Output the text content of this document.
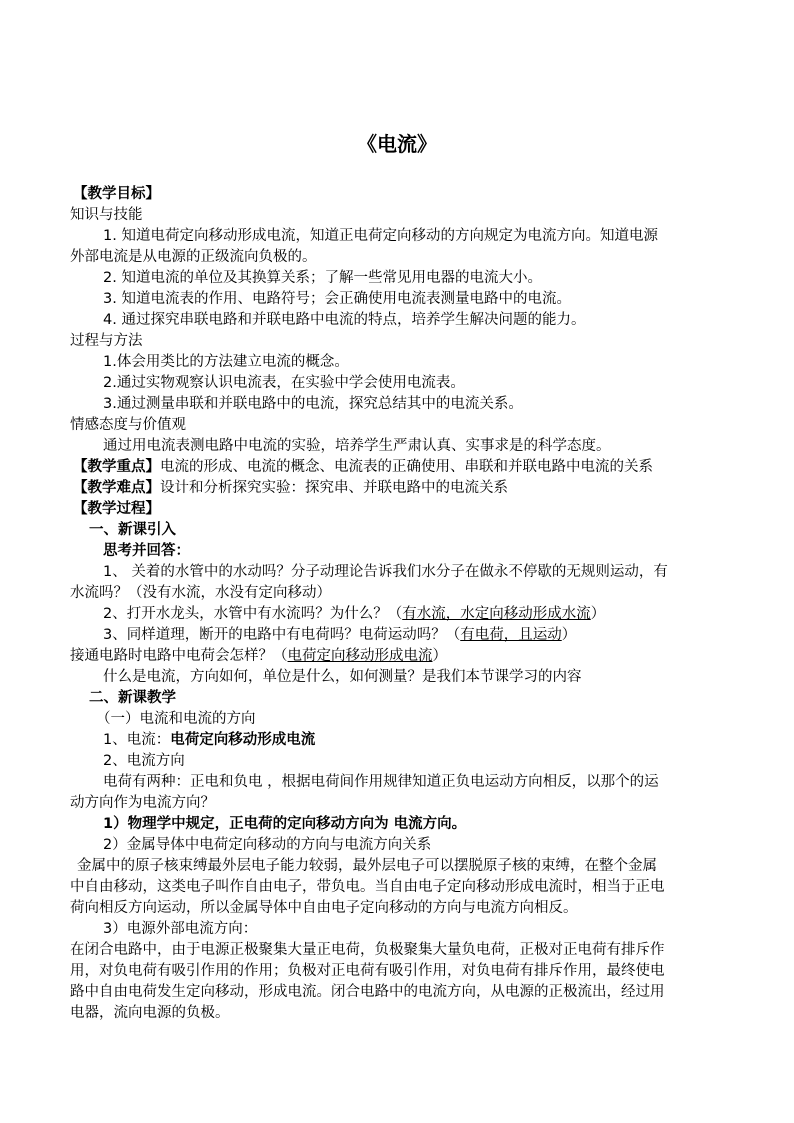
《电流》
【教学目标】
知识与技能
1. 知道电荷定向移动形成电流，知道正电荷定向移动的方向规定为电流方向。知道电源
外部电流是从电源的正级流向负极的。
2. 知道电流的单位及其换算关系；了解一些常见用电器的电流大小。
3. 知道电流表的作用、电路符号；会正确使用电流表测量电路中的电流。
4. 通过探究串联电路和并联电路中电流的特点，培养学生解决问题的能力。
过程与方法
1.体会用类比的方法建立电流的概念。
2.通过实物观察认识电流表，在实验中学会使用电流表。
3.通过测量串联和并联电路中的电流，探究总结其中的电流关系。
情感态度与价值观
通过用电流表测电路中电流的实验，培养学生严肃认真、实事求是的科学态度。
【教学重点】电流的形成、电流的概念、电流表的正确使用、串联和并联电路中电流的关系
【教学难点】设计和分析探究实验：探究串、并联电路中的电流关系
【教学过程】
一、新课引入
思考并回答：
1、 关着的水管中的水动吗？分子动理论告诉我们水分子在做永不停歇的无规则运动，有
水流吗？（没有水流，水没有定向移动）
2、打开水龙头，水管中有水流吗？为什么？（有水流，水定向移动形成水流）
3、同样道理，断开的电路中有电荷吗？电荷运动吗？（有电荷，且运动）
接通电路时电路中电荷会怎样？（电荷定向移动形成电流）
什么是电流，方向如何，单位是什么，如何测量？是我们本节课学习的内容
二、新课教学
（一）电流和电流的方向
1、电流：电荷定向移动形成电流
2、电流方向
电荷有两种：正电和负电 ，根据电荷间作用规律知道正负电运动方向相反，以那个的运
动方向作为电流方向？
1）物理学中规定，正电荷的定向移动方向为 电流方向。
2）金属导体中电荷定向移动的方向与电流方向关系
金属中的原子核束缚最外层电子能力较弱，最外层电子可以摆脱原子核的束缚，在整个金属
中自由移动，这类电子叫作自由电子，带负电。当自由电子定向移动形成电流时，相当于正电
荷向相反方向运动，所以金属导体中自由电子定向移动的方向与电流方向相反。
3）电源外部电流方向：
在闭合电路中，由于电源正极聚集大量正电荷，负极聚集大量负电荷，正极对正电荷有排斥作
用，对负电荷有吸引作用的作用；负极对正电荷有吸引作用，对负电荷有排斥作用，最终使电
路中自由电荷发生定向移动，形成电流。闭合电路中的电流方向，从电源的正极流出，经过用
电器，流向电源的负极。
